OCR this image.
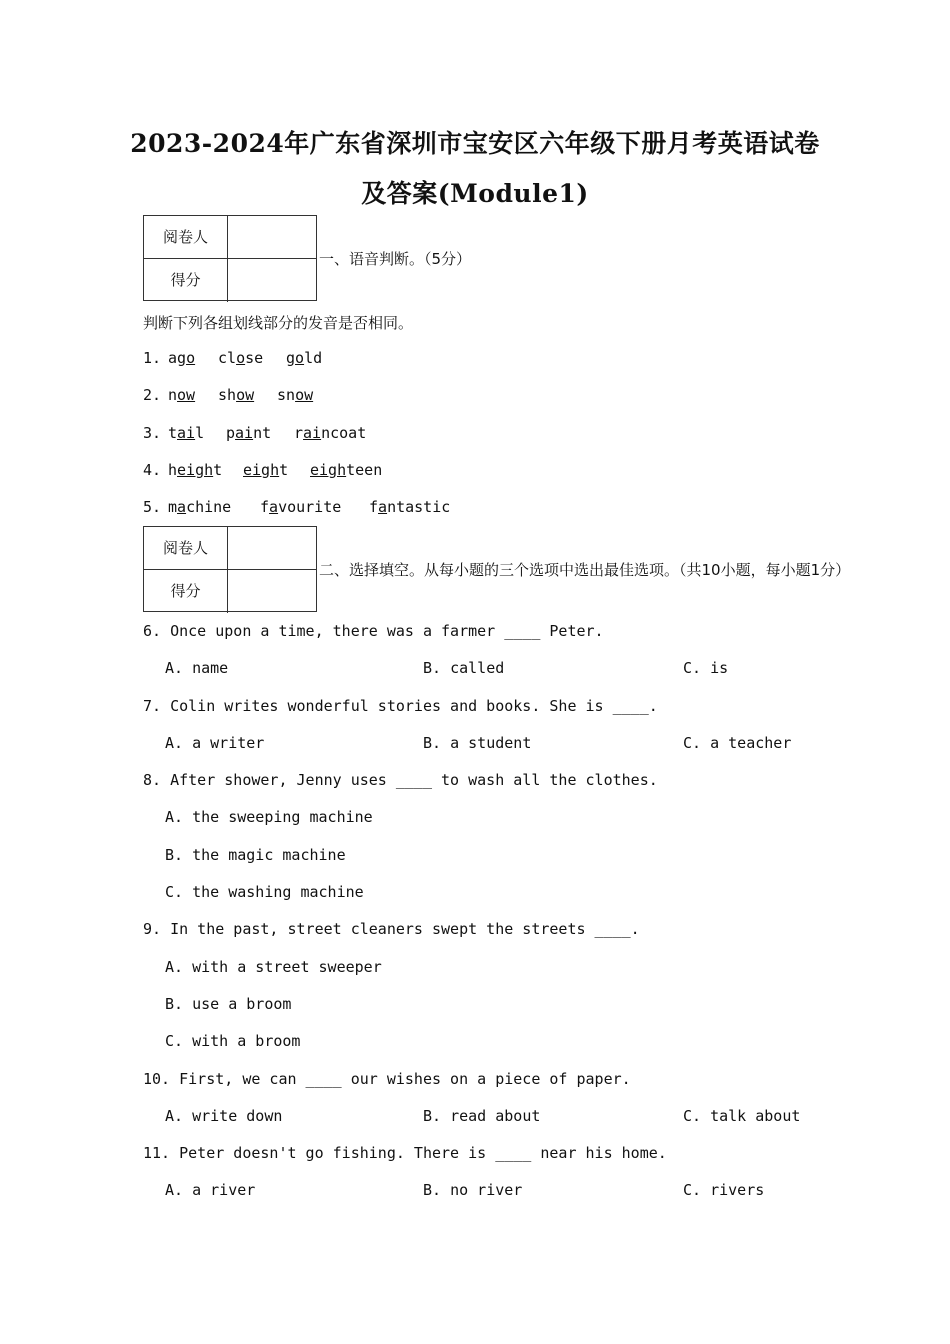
2023-2024年广东省深圳市宝安区六年级下册月考英语试卷
及答案(Module1)
阅卷人
得分
一、语音判断。（5分）
判断下列各组划线部分的发音是否相同。
1. ago close gold
2. now show snow
3. tail paint raincoat
4. height eight eighteen
5. machine favourite fantastic
阅卷人
得分
二、选择填空。从每小题的三个选项中选出最佳选项。（共10小题，每小题1分）
6. Once upon a time, there was a farmer ____ Peter.
A. name	B. called	C. is
7. Colin writes wonderful stories and books. She is ____.
A. a writer	B. a student	C. a teacher
8. After shower, Jenny uses ____ to wash all the clothes.
A. the sweeping machine
B. the magic machine
C. the washing machine
9. In the past, street cleaners swept the streets ____.
A. with a street sweeper
B. use a broom
C. with a broom
10. First, we can ____ our wishes on a piece of paper.
A. write down	B. read about	C. talk about
11. Peter doesn't go fishing. There is ____ near his home.
A. a river	B. no river	C. rivers
